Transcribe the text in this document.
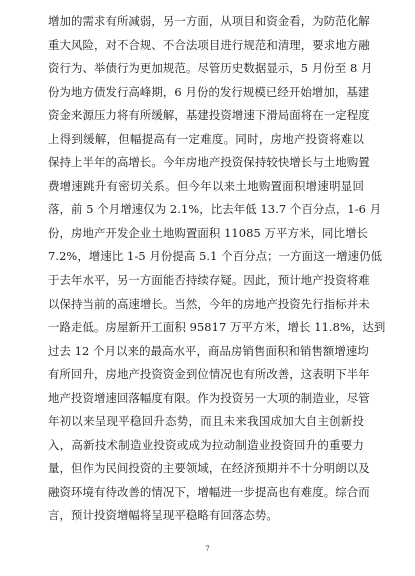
增加的需求有所减弱，另一方面，从项目和资金看，为防范化解
重大风险，对不合规、不合法项目进行规范和清理，要求地方融
资行为、举债行为更加规范。尽管历史数据显示，5 月份至 8 月
份为地方债发行高峰期，6 月份的发行规模已经开始增加，基建
资金来源压力将有所缓解，基建投资增速下滑局面将在一定程度
上得到缓解，但幅提高有一定难度。同时，房地产投资将难以
保持上半年的高增长。今年房地产投资保持较快增长与土地购置
费增速跳升有密切关系。但今年以来土地购置面积增速明显回
落，前 5 个月增速仅为 2.1%，比去年低 13.7 个百分点，1-6 月
份，房地产开发企业土地购置面积 11085 万平方米，同比增长
7.2%，增速比 1-5 月份提高 5.1 个百分点；一方面这一增速仍低
于去年水平，另一方面能否持续存疑。因此，预计地产投资将难
以保持当前的高速增长。当然，今年的房地产投资先行指标并未
一路走低。房屋新开工面积 95817 万平方米，增长 11.8%，达到
过去 12 个月以来的最高水平，商品房销售面积和销售额增速均
有所回升，房地产投资资金到位情况也有所改善，这表明下半年
地产投资增速回落幅度有限。作为投资另一大项的制造业，尽管
年初以来呈现平稳回升态势，而且未来我国成加大自主创新投
入，高新技术制造业投资或成为拉动制造业投资回升的重要力
量，但作为民间投资的主要领域，在经济预期并不十分明朗以及
融资环境有待改善的情况下，增幅进一步提高也有难度。综合而
言，预计投资增幅将呈现平稳略有回落态势。
7
